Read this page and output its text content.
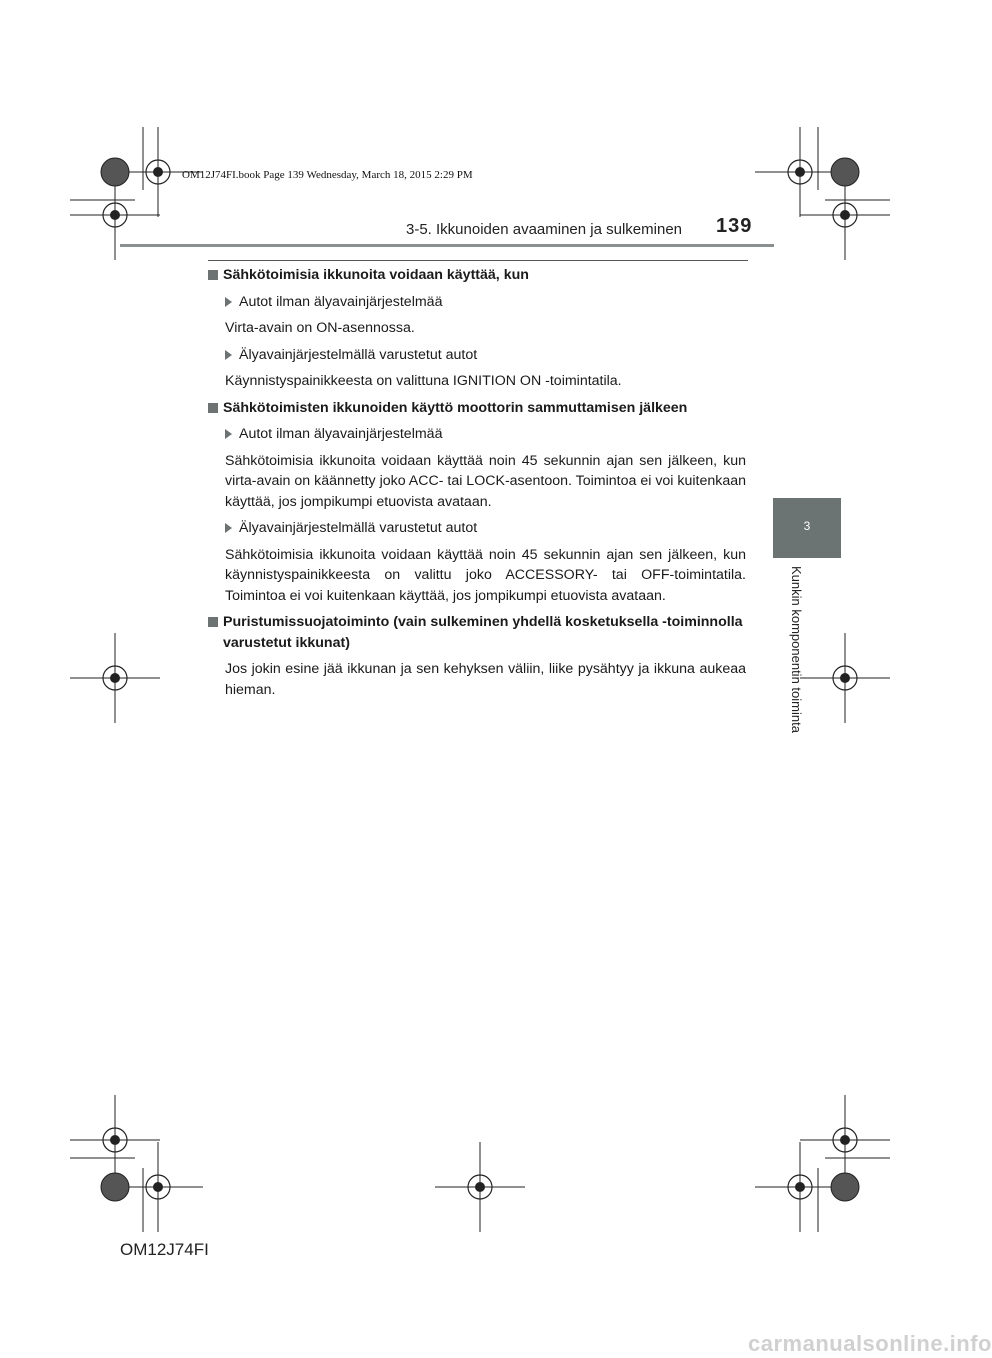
OM12J74FI.book Page 139 Wednesday, March 18, 2015 2:29 PM
3-5. Ikkunoiden avaaminen ja sulkeminen 139

Sähkötoimisia ikkunoita voidaan käyttää, kun

Autot ilman älyavainjärjestelmää

Virta-avain on ON-asennossa.

Älyavainjärjestelmällä varustetut autot

Käynnistyspainikkeesta on valittuna IGNITION ON -toimintatila.

Sähkötoimisten ikkunoiden käyttö moottorin sammuttamisen jälkeen

Autot ilman älyavainjärjestelmää

Sähkötoimisia ikkunoita voidaan käyttää noin 45 sekunnin ajan sen jälkeen, kun virta-avain on käännetty joko ACC- tai LOCK-asentoon. Toimintoa ei voi kuitenkaan käyttää, jos jompikumpi etuovista avataan.

Älyavainjärjestelmällä varustetut autot

Sähkötoimisia ikkunoita voidaan käyttää noin 45 sekunnin ajan sen jälkeen, kun käynnistyspainikkeesta on valittu joko ACCESSORY- tai OFF-toimintatila. Toimintoa ei voi kuitenkaan käyttää, jos jompikumpi etuovista avataan.

Puristumissuojatoiminto (vain sulkeminen yhdellä kosketuksella -toiminnolla varustetut ikkunat)

Jos jokin esine jää ikkunan ja sen kehyksen väliin, liike pysähtyy ja ikkuna aukeaa hieman.

3
Kunkin komponentin toiminta
OM12J74FI
carmanualsonline.info
